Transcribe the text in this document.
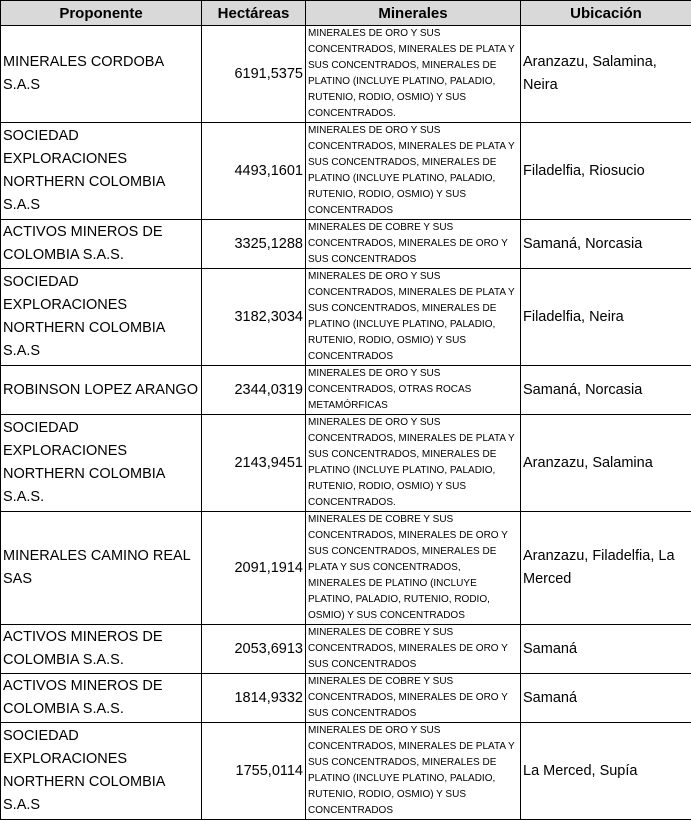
Proponente	Hectáreas	Minerales	Ubicación
MINERALES CORDOBA S.A.S	6191,5375	MINERALES DE ORO Y SUS CONCENTRADOS, MINERALES DE PLATA Y SUS CONCENTRADOS, MINERALES DE PLATINO (INCLUYE PLATINO, PALADIO, RUTENIO, RODIO, OSMIO) Y SUS CONCENTRADOS.	Aranzazu, Salamina, Neira
SOCIEDAD EXPLORACIONES NORTHERN COLOMBIA S.A.S	4493,1601	MINERALES DE ORO Y SUS CONCENTRADOS, MINERALES DE PLATA Y SUS CONCENTRADOS, MINERALES DE PLATINO (INCLUYE PLATINO, PALADIO, RUTENIO, RODIO, OSMIO) Y SUS CONCENTRADOS	Filadelfia, Riosucio
ACTIVOS MINEROS DE COLOMBIA S.A.S.	3325,1288	MINERALES DE COBRE Y SUS CONCENTRADOS, MINERALES DE ORO Y SUS CONCENTRADOS	Samaná, Norcasia
SOCIEDAD EXPLORACIONES NORTHERN COLOMBIA S.A.S	3182,3034	MINERALES DE ORO Y SUS CONCENTRADOS, MINERALES DE PLATA Y SUS CONCENTRADOS, MINERALES DE PLATINO (INCLUYE PLATINO, PALADIO, RUTENIO, RODIO, OSMIO) Y SUS CONCENTRADOS	Filadelfia, Neira
ROBINSON LOPEZ ARANGO	2344,0319	MINERALES DE ORO Y SUS CONCENTRADOS, OTRAS ROCAS METAMÓRFICAS	Samaná, Norcasia
SOCIEDAD EXPLORACIONES NORTHERN COLOMBIA S.A.S.	2143,9451	MINERALES DE ORO Y SUS CONCENTRADOS, MINERALES DE PLATA Y SUS CONCENTRADOS, MINERALES DE PLATINO (INCLUYE PLATINO, PALADIO, RUTENIO, RODIO, OSMIO) Y SUS CONCENTRADOS.	Aranzazu, Salamina
MINERALES CAMINO REAL SAS	2091,1914	MINERALES DE COBRE Y SUS CONCENTRADOS, MINERALES DE ORO Y SUS CONCENTRADOS, MINERALES DE PLATA Y SUS CONCENTRADOS, MINERALES DE PLATINO (INCLUYE PLATINO, PALADIO, RUTENIO, RODIO, OSMIO) Y SUS CONCENTRADOS	Aranzazu, Filadelfia, La Merced
ACTIVOS MINEROS DE COLOMBIA S.A.S.	2053,6913	MINERALES DE COBRE Y SUS CONCENTRADOS, MINERALES DE ORO Y SUS CONCENTRADOS	Samaná
ACTIVOS MINEROS DE COLOMBIA S.A.S.	1814,9332	MINERALES DE COBRE Y SUS CONCENTRADOS, MINERALES DE ORO Y SUS CONCENTRADOS	Samaná
SOCIEDAD EXPLORACIONES NORTHERN COLOMBIA S.A.S	1755,0114	MINERALES DE ORO Y SUS CONCENTRADOS, MINERALES DE PLATA Y SUS CONCENTRADOS, MINERALES DE PLATINO (INCLUYE PLATINO, PALADIO, RUTENIO, RODIO, OSMIO) Y SUS CONCENTRADOS	La Merced, Supía
